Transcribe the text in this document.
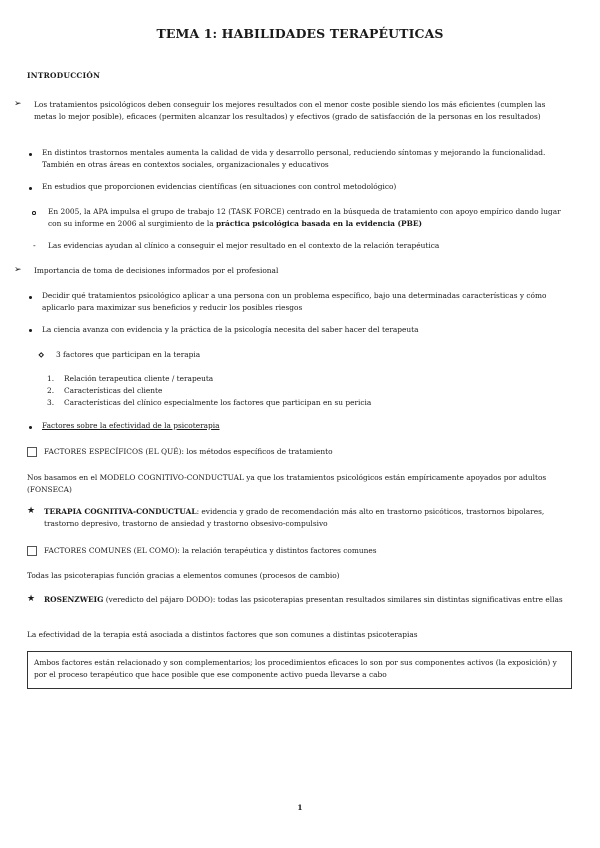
TEMA 1: HABILIDADES TERAPÉUTICAS
INTRODUCCIÓN
➢ Los tratamientos psicológicos deben conseguir los mejores resultados con el menor coste posible siendo los más eficientes (cumplen las metas lo mejor posible), eficaces (permiten alcanzar los resultados) y efectivos (grado de satisfacción de la personas en los resultados)
En distintos trastornos mentales aumenta la calidad de vida y desarrollo personal, reduciendo síntomas y mejorando la funcionalidad. También en otras áreas en contextos sociales, organizacionales y educativos
En estudios que proporcionen evidencias científicas (en situaciones con control metodológico)
En 2005, la APA impulsa el grupo de trabajo 12 (TASK FORCE) centrado en la búsqueda de tratamiento con apoyo empírico dando lugar con su informe en 2006 al surgimiento de la práctica psicológica basada en la evidencia (PBE)
- Las evidencias ayudan al clínico a conseguir el mejor resultado en el contexto de la relación terapéutica
➢ Importancia de toma de decisiones informados por el profesional
Decidir qué tratamientos psicológico aplicar a una persona con un problema específico, bajo una determinadas características y cómo aplicarlo para maximizar sus beneficios y reducir los posibles riesgos
La ciencia avanza con evidencia y la práctica de la psicología necesita del saber hacer del terapeuta
3 factores que participan en la terapia
1. Relación terapeutica cliente / terapeuta
2. Características del cliente
3. Características del clínico especialmente los factores que participan en su pericia
Factores sobre la efectividad de la psicoterapia
FACTORES ESPECÍFICOS (EL QUÉ): los métodos específicos de tratamiento
Nos basamos en el MODELO COGNITIVO-CONDUCTUAL ya que los tratamientos psicológicos están empíricamente apoyados por adultos (FONSECA)
★ TERAPIA COGNITIVA-CONDUCTUAL: evidencia y grado de recomendación más alto en trastorno psicóticos, trastornos bipolares, trastorno depresivo, trastorno de ansiedad y trastorno obsesivo-compulsivo
FACTORES COMUNES (EL COMO): la relación terapéutica y distintos factores comunes
Todas las psicoterapias función gracias a elementos comunes (procesos de cambio)
★ ROSENZWEIG (veredicto del pájaro DODO): todas las psicoterapias presentan resultados similares sin distintas significativas entre ellas
La efectividad de la terapia está asociada a distintos factores que son comunes a distintas psicoterapias
Ambos factores están relacionado y son complementarios; los procedimientos eficaces lo son por sus componentes activos (la exposición) y por el proceso terapéutico que hace posible que ese componente activo pueda llevarse a cabo
1
